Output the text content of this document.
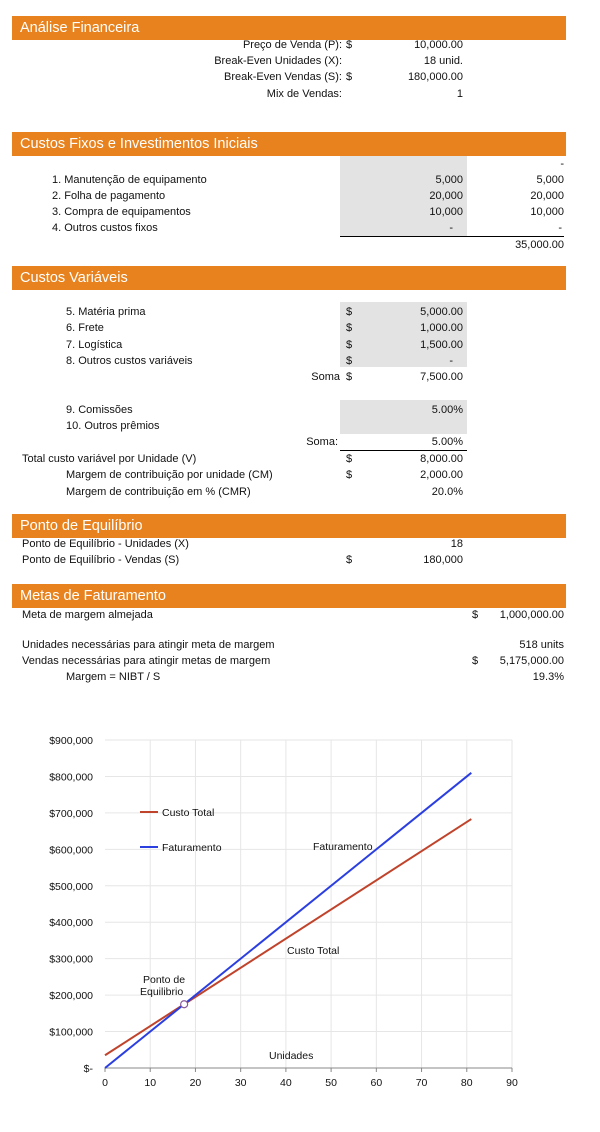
Análise Financeira
Preço de Venda (P): $	10,000.00
Break-Even Unidades (X):	18 unid.
Break-Even Vendas (S): $	180,000.00
Mix de Vendas:	1
Custos Fixos e Investimentos Iniciais
-
1. Manutenção de equipamento	5,000	5,000
2. Folha de pagamento	20,000	20,000
3. Compra de equipamentos	10,000	10,000
4. Outros custos fixos	-	-
35,000.00
Custos Variáveis
5. Matéria prima	$	5,000.00
6. Frete	$	1,000.00
7. Logística	$	1,500.00
8. Outros custos variáveis	$	-
Soma $	7,500.00
9. Comissões	5.00%
10. Outros prêmios
Soma:	5.00%
Total custo variável por Unidade (V)	$	8,000.00
Margem de contribuição por unidade (CM)	$	2,000.00
Margem de contribuição em % (CMR)	20.0%
Ponto de Equilíbrio
Ponto de Equilíbrio - Unidades (X)	18
Ponto de Equilíbrio - Vendas (S)	$	180,000
Metas de Faturamento
Meta de margem almejada	$ 1,000,000.00
Unidades necessárias para atingir meta de margem	518 units
Vendas necessárias para atingir metas de margem	$ 5,175,000.00
Margem = NIBT / S	19.3%
$-
$100,000
$200,000
$300,000
$400,000
$500,000
$600,000
$700,000
$800,000
$900,000
0	10	20	30	40	50	60	70	80	90
Custo Total
Faturamento	Faturamento
Custo Total
Ponto de
Equilibrio
Unidades
